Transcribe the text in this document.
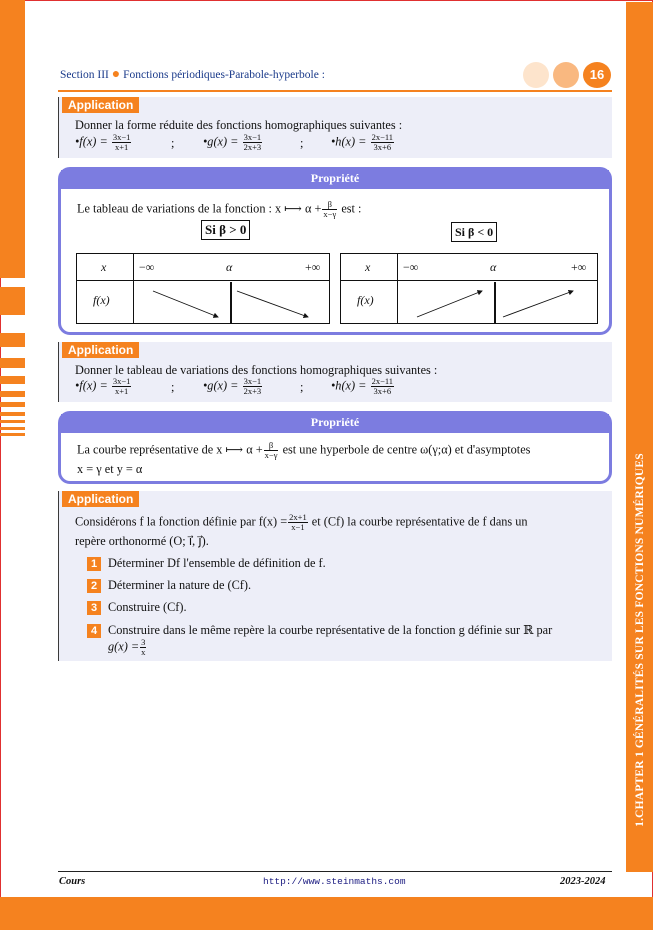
1.CHAPTER 1 GÉNÉRALITÉS SUR LES FONCTIONS NUMÉRIQUES
Section III ● Fonctions périodiques-Parabole-hyperbole :	16
Application
Donner la forme réduite des fonctions homographiques suivantes :
•f(x) = $\frac{3x-1}{x+1}$	; •g(x) = $\frac{3x-1}{2x+3}$	; •h(x) = $\frac{2x-11}{3x+6}$
Propriété
Le tableau de variations de la fonction : x ⟼ $\alpha + \frac{\beta}{x-\gamma}$ est :
Si β > 0	Si β < 0
x	−∞	α	+∞
f(x)
x	−∞	α	+∞
f(x)
Application
Donner le tableau de variations des fonctions homographiques suivantes :
•f(x) = $\frac{3x-1}{x+1}$	; •g(x) = $\frac{3x-1}{2x+3}$	; •h(x) = $\frac{2x-11}{3x+6}$
Propriété
La courbe représentative de x ⟼ $\alpha + \frac{\beta}{x-\gamma}$ est une hyperbole de centre ω(γ;α) et d'asymptotes
x = γ et y = α
Application
Considérons f la fonction définie par $f(x) = \frac{2x+1}{x-1}$ et (Cf) la courbe représentative de f dans un
repère orthonormé (O; i⃗, j⃗).
1 Déterminer Df l'ensemble de définition de f.
2 Déterminer la nature de (Cf).
3 Construire (Cf).
4 Construire dans le même repère la courbe représentative de la fonction g définie sur ℝ par
$g(x) = \frac{3}{x}$
Cours	http://www.steinmaths.com	2023-2024
